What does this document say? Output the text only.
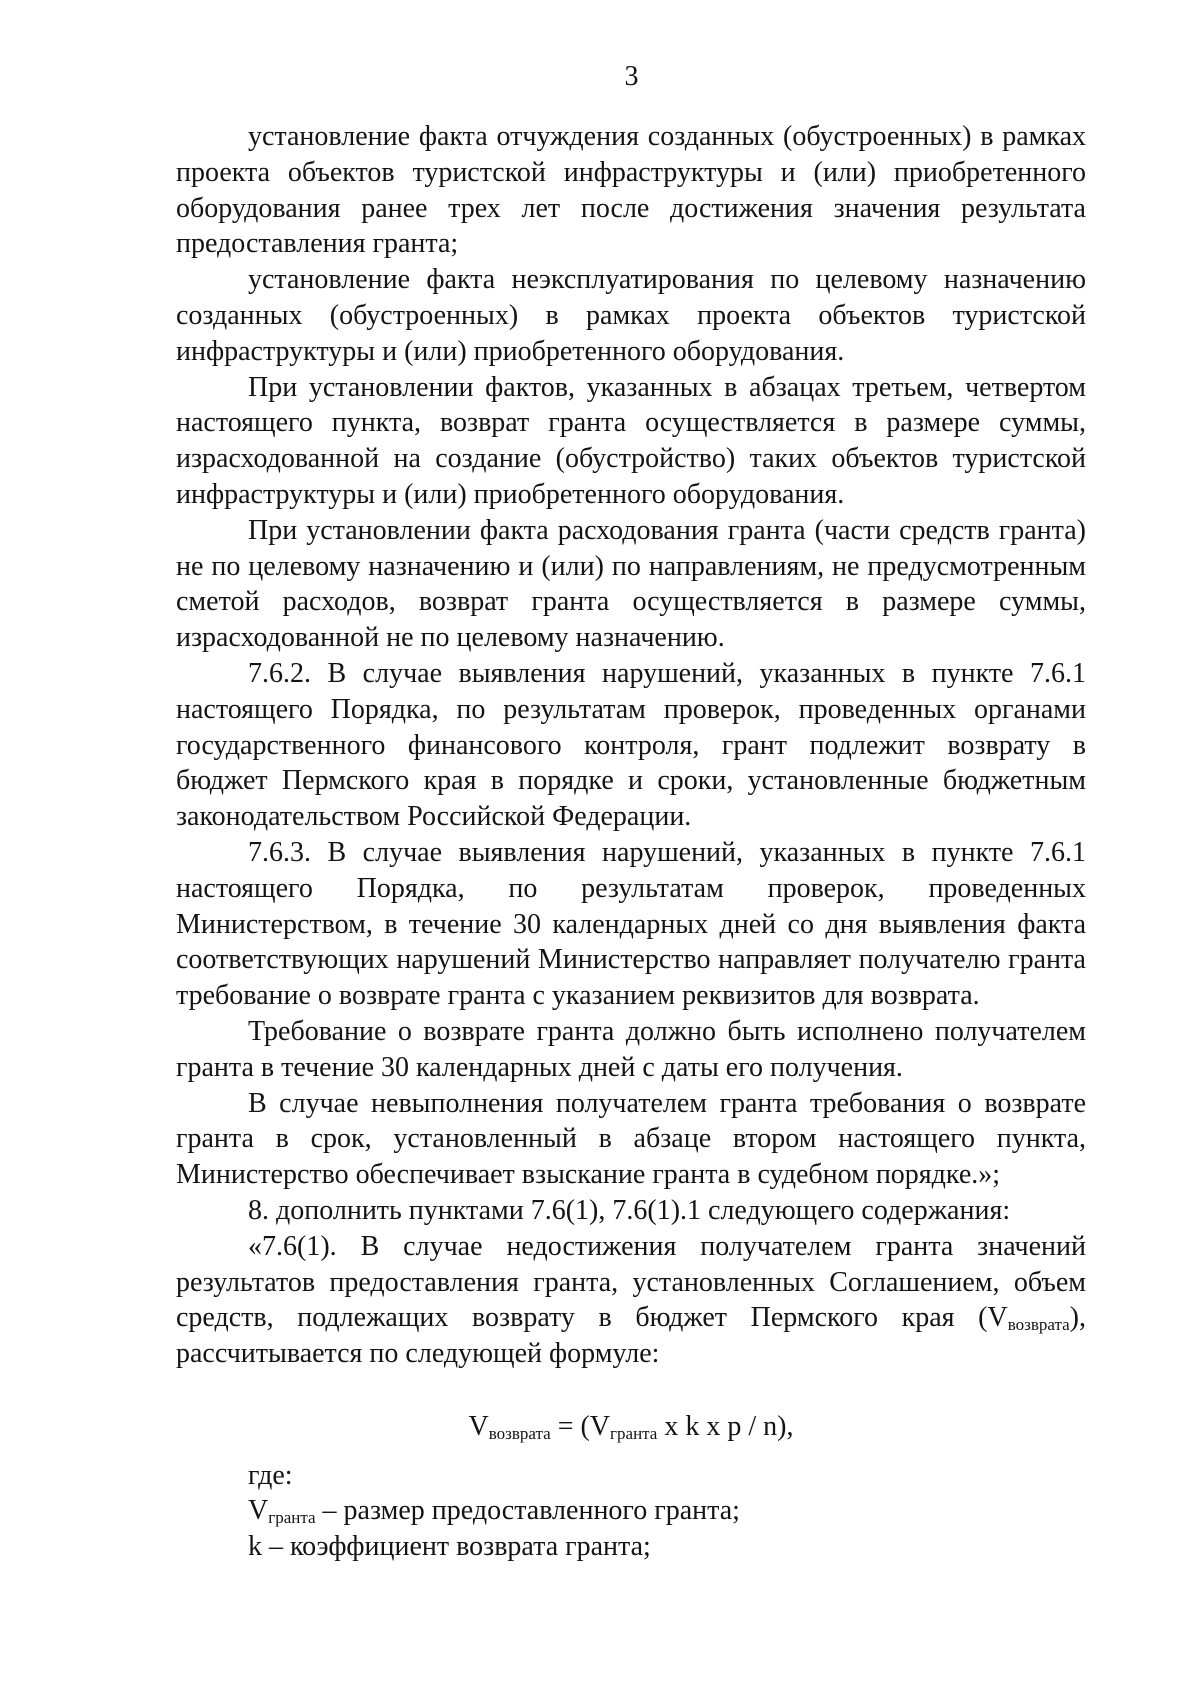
3

установление факта отчуждения созданных (обустроенных) в рамках проекта объектов туристской инфраструктуры и (или) приобретенного оборудования ранее трех лет после достижения значения результата предоставления гранта;

установление факта неэксплуатирования по целевому назначению созданных (обустроенных) в рамках проекта объектов туристской инфраструктуры и (или) приобретенного оборудования.

При установлении фактов, указанных в абзацах третьем, четвертом настоящего пункта, возврат гранта осуществляется в размере суммы, израсходованной на создание (обустройство) таких объектов туристской инфраструктуры и (или) приобретенного оборудования.

При установлении факта расходования гранта (части средств гранта) не по целевому назначению и (или) по направлениям, не предусмотренным сметой расходов, возврат гранта осуществляется в размере суммы, израсходованной не по целевому назначению.

7.6.2. В случае выявления нарушений, указанных в пункте 7.6.1 настоящего Порядка, по результатам проверок, проведенных органами государственного финансового контроля, грант подлежит возврату в бюджет Пермского края в порядке и сроки, установленные бюджетным законодательством Российской Федерации.

7.6.3. В случае выявления нарушений, указанных в пункте 7.6.1 настоящего Порядка, по результатам проверок, проведенных Министерством, в течение 30 календарных дней со дня выявления факта соответствующих нарушений Министерство направляет получателю гранта требование о возврате гранта с указанием реквизитов для возврата.

Требование о возврате гранта должно быть исполнено получателем гранта в течение 30 календарных дней с даты его получения.

В случае невыполнения получателем гранта требования о возврате гранта в срок, установленный в абзаце втором настоящего пункта, Министерство обеспечивает взыскание гранта в судебном порядке.»;

8. дополнить пунктами 7.6(1), 7.6(1).1 следующего содержания:

«7.6(1). В случае недостижения получателем гранта значений результатов предоставления гранта, установленных Соглашением, объем средств, подлежащих возврату в бюджет Пермского края $(V_{возврата})$, рассчитывается по следующей формуле:

$V_{возврата} = (V_{гранта}$ x k x p / n),

где:

$V_{гранта}$ – размер предоставленного гранта;

k – коэффициент возврата гранта;
